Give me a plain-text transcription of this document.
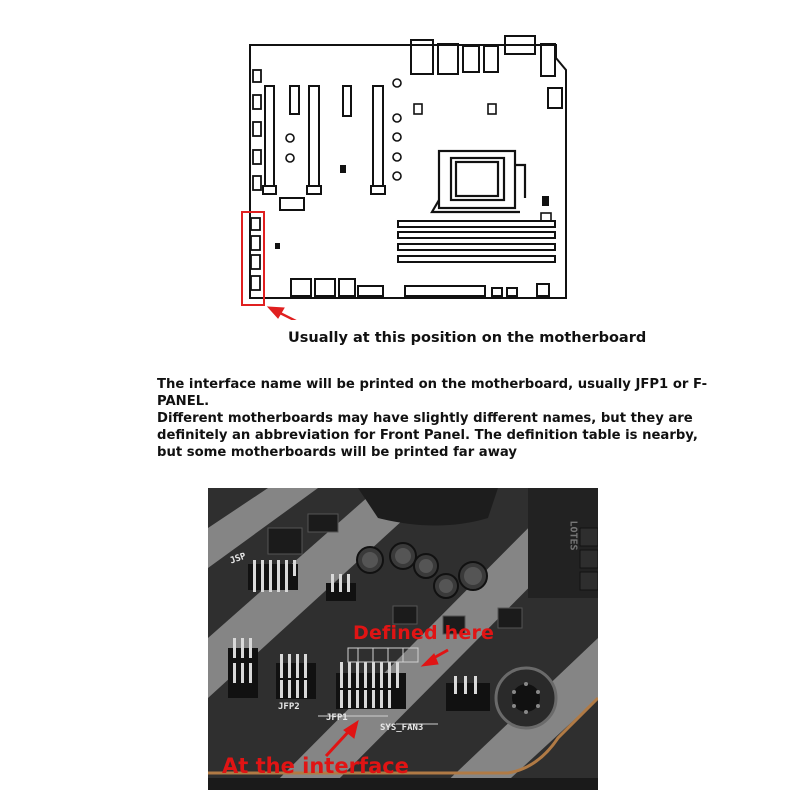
Usually at this position on the motherboard

The interface name will be printed on the motherboard, usually JFP1 or F-PANEL.

Different motherboards may have slightly different names, but they are definitely an abbreviation for Front Panel. The definition table is nearby, but some motherboards will be printed far away

JSP
JFP2
JFP1
SYS_FAN3
LOTES
Defined here
At the interface
